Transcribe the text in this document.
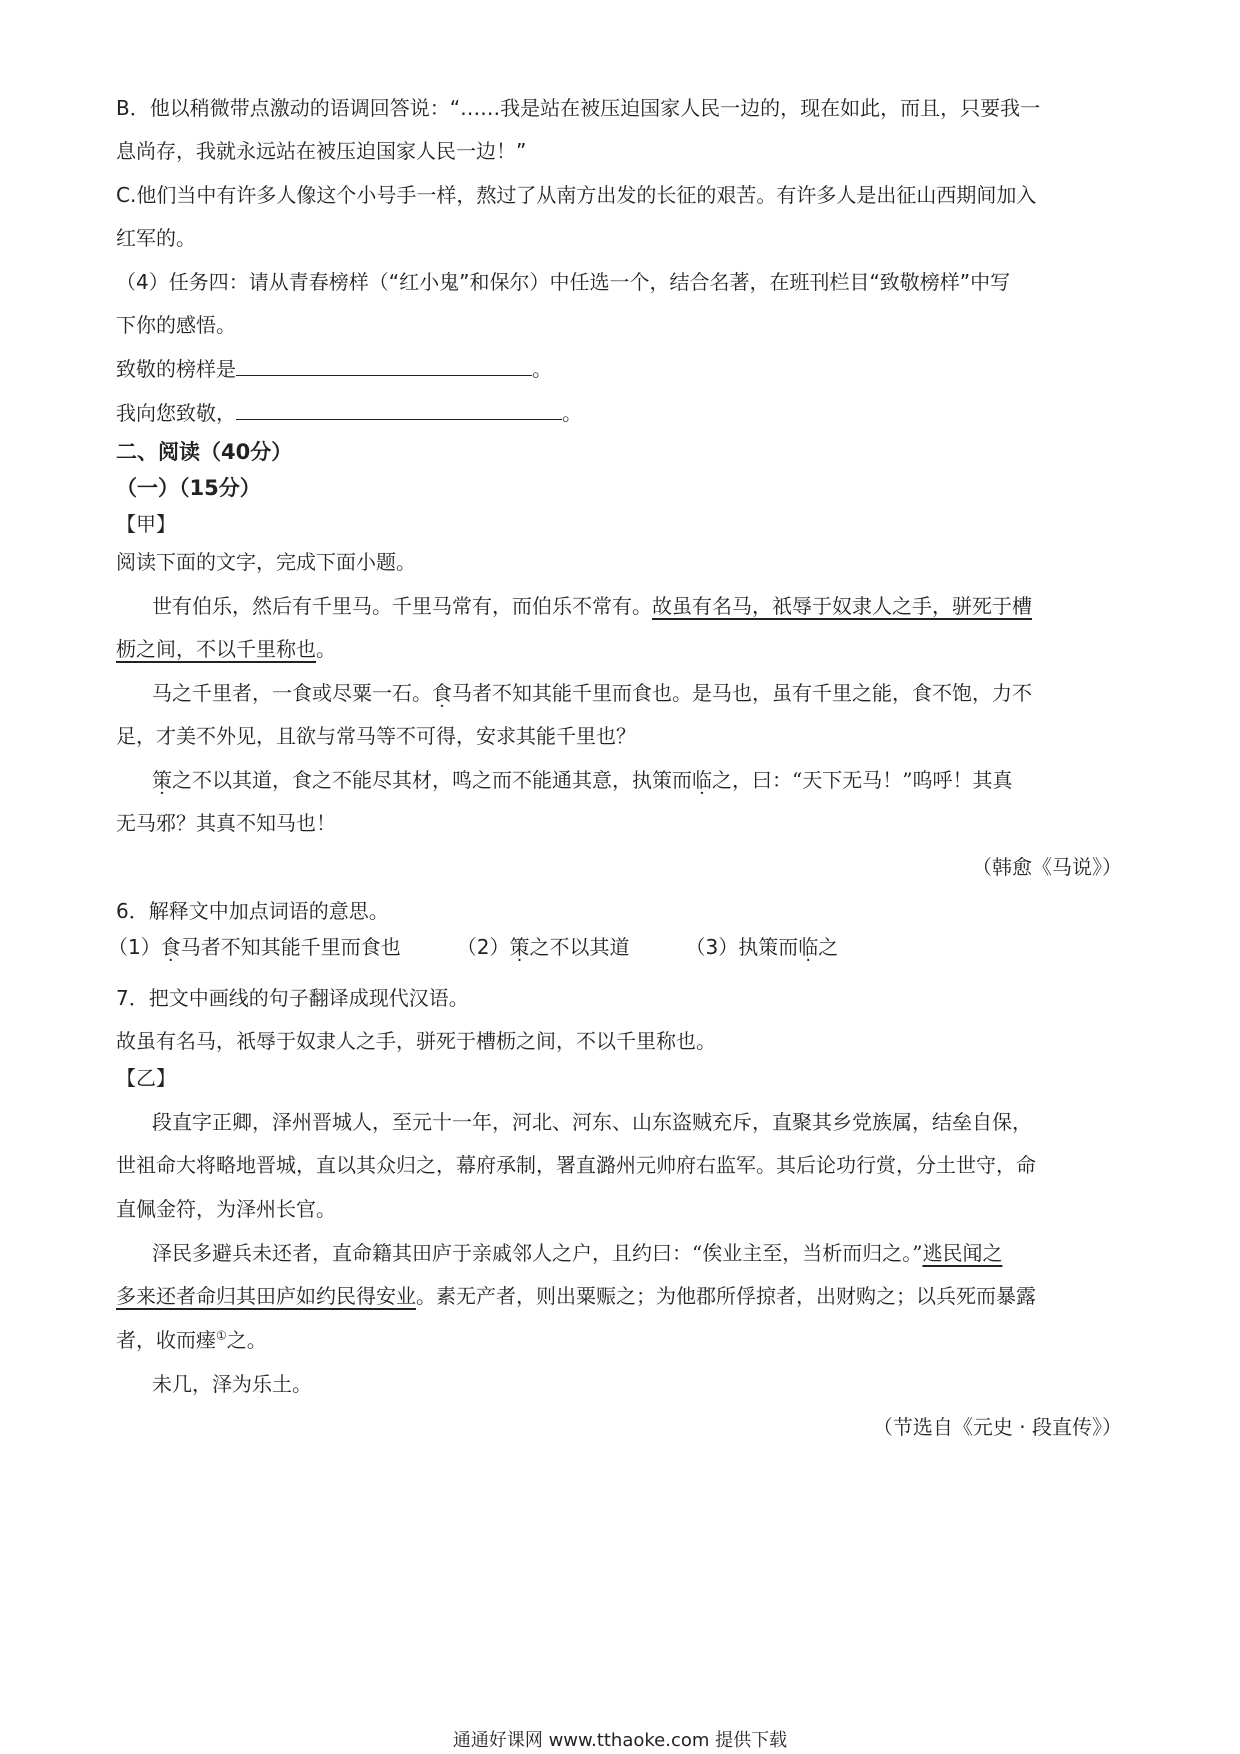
B．他以稍微带点激动的语调回答说：“……我是站在被压迫国家人民一边的，现在如此，而且，只要我一
息尚存，我就永远站在被压迫国家人民一边！”
C.他们当中有许多人像这个小号手一样，熬过了从南方出发的长征的艰苦。有许多人是出征山西期间加入
红军的。
（4）任务四：请从青春榜样（“红小鬼”和保尔）中任选一个，结合名著，在班刊栏目“致敬榜样”中写
下你的感悟。
致敬的榜样是	。
我向您致敬，	。
二、阅读（40分）
（一）（15分）
【甲】
阅读下面的文字，完成下面小题。
世有伯乐，然后有千里马。千里马常有，而伯乐不常有。故虽有名马，祇辱于奴隶人之手，骈死于槽
枥之间，不以千里称也。
马之千里者，一食或尽粟一石。食马者不知其能千里而食也。是马也，虽有千里之能，食不饱，力不
足，才美不外见，且欲与常马等不可得，安求其能千里也？
策之不以其道，食之不能尽其材，鸣之而不能通其意，执策而临之，曰：“天下无马！”呜呼！其真
无马邪？其真不知马也！
（韩愈《马说》）
6．解释文中加点词语的意思。
（1）食马者不知其能千里而食也	（2）策之不以其道	（3）执策而临之
7．把文中画线的句子翻译成现代汉语。
故虽有名马，祇辱于奴隶人之手，骈死于槽枥之间，不以千里称也。
【乙】
段直字正卿，泽州晋城人，至元十一年，河北、河东、山东盗贼充斥，直聚其乡党族属，结垒自保，
世祖命大将略地晋城，直以其众归之，幕府承制，署直潞州元帅府右监军。其后论功行赏，分土世守，命
直佩金符，为泽州长官。
泽民多避兵未还者，直命籍其田庐于亲戚邻人之户，且约曰：“俟业主至，当析而归之。”逃民闻之
多来还者命归其田庐如约民得安业。素无产者，则出粟赈之；为他郡所俘掠者，出财购之；以兵死而暴露
者，收而瘗①之。
未几，泽为乐土。
（节选自《元史 · 段直传》）
通通好课网 www.tthaoke.com 提供下载
